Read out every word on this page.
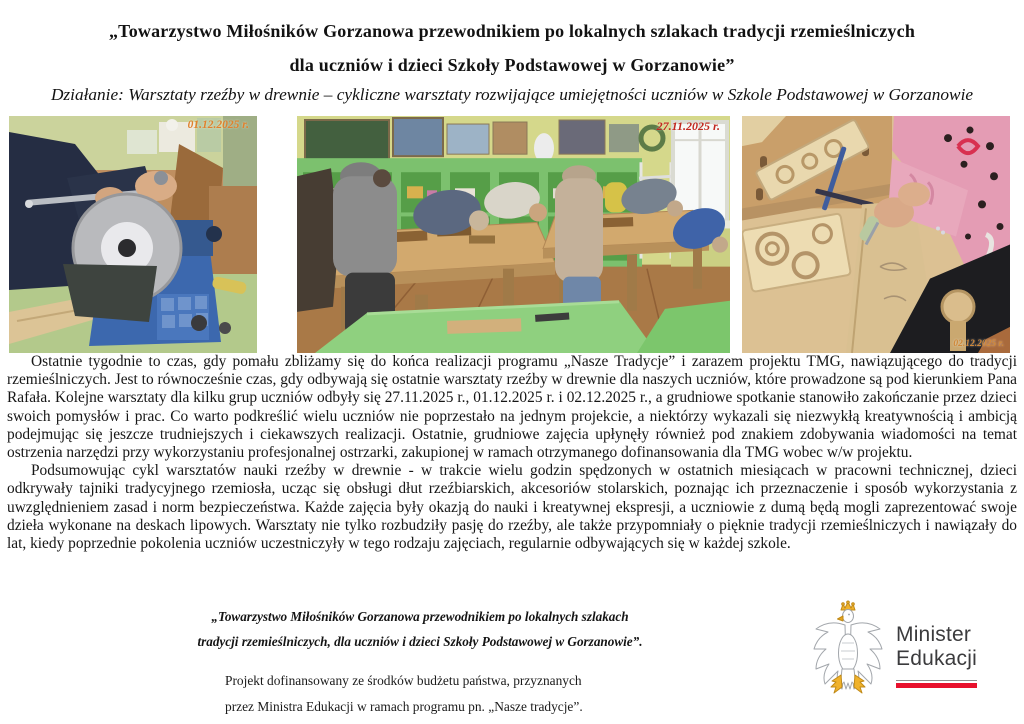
„Towarzystwo Miłośników Gorzanowa przewodnikiem po lokalnych szlakach tradycji rzemieślniczych
dla uczniów i dzieci Szkoły Podstawowej w Gorzanowie”
Działanie: Warsztaty rzeźby w drewnie – cykliczne warsztaty rozwijające umiejętności uczniów w Szkole Podstawowej w Gorzanowie
01.12.2025 r.	27.11.2025 r.
02.12.2025 r.

Ostatnie tygodnie to czas, gdy pomału zbliżamy się do końca realizacji programu „Nasze Tradycje” i zarazem projektu TMG, nawiązującego do tradycji rzemieślniczych. Jest to równocześnie czas, gdy odbywają się ostatnie warsztaty rzeźby w drewnie dla naszych uczniów, które prowadzone są pod kierunkiem Pana Rafała. Kolejne warsztaty dla kilku grup uczniów odbyły się 27.11.2025 r., 01.12.2025 r. i 02.12.2025 r., a grudniowe spotkanie stanowiło zakończanie przez dzieci swoich pomysłów i prac. Co warto podkreślić wielu uczniów nie poprzestało na jednym projekcie, a niektórzy wykazali się niezwykłą kreatywnością i ambicją podejmując się jeszcze trudniejszych i ciekawszych realizacji. Ostatnie, grudniowe zajęcia upłynęły również pod znakiem zdobywania wiadomości na temat ostrzenia narzędzi przy wykorzystaniu profesjonalnej ostrzarki, zakupionej w ramach otrzymanego dofinansowania dla TMG wobec w/w projektu.

Podsumowując cykl warsztatów nauki rzeźby w drewnie - w trakcie wielu godzin spędzonych w ostatnich miesiącach w pracowni technicznej, dzieci odkrywały tajniki tradycyjnego rzemiosła, ucząc się obsługi dłut rzeźbiarskich, akcesoriów stolarskich, poznając ich przeznaczenie i sposób wykorzystania z uwzględnieniem zasad i norm bezpieczeństwa. Każde zajęcia były okazją do nauki i kreatywnej ekspresji, a uczniowie z dumą będą mogli zaprezentować swoje dzieła wykonane na deskach lipowych. Warsztaty nie tylko rozbudziły pasję do rzeźby, ale także przypomniały o pięknie tradycji rzemieślniczych i nawiązały do lat, kiedy poprzednie pokolenia uczniów uczestniczyły w tego rodzaju zajęciach, regularnie odbywających się w każdej szkole.

„Towarzystwo Miłośników Gorzanowa przewodnikiem po lokalnych szlakach
tradycji rzemieślniczych, dla uczniów i dzieci Szkoły Podstawowej w Gorzanowie”.
Projekt dofinansowany ze środków budżetu państwa, przyznanych
przez Ministra Edukacji w ramach programu pn. „Nasze tradycje”.
Minister
Edukacji
